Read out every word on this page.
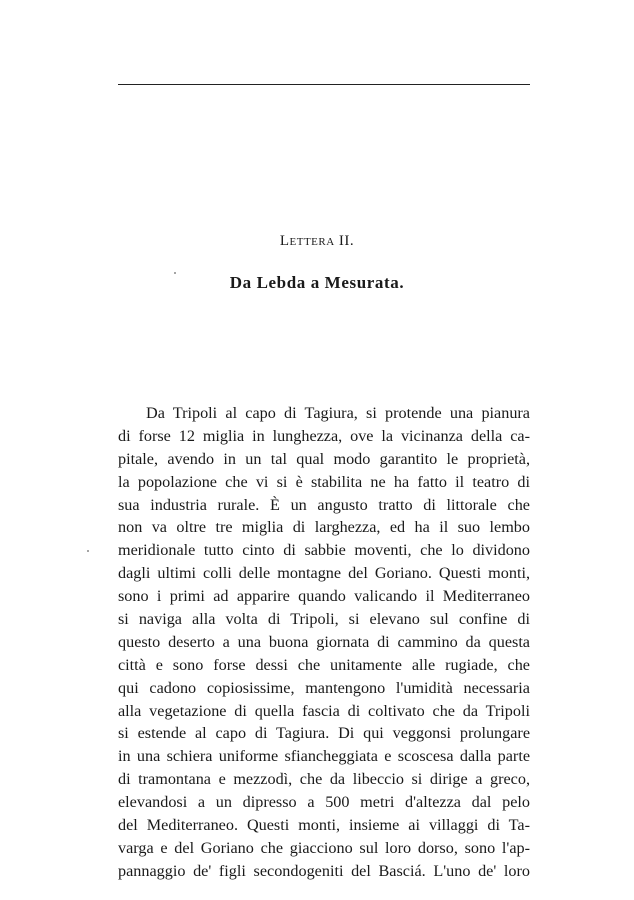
Lettera II.
Da Lebda a Mesurata.
Da Tripoli al capo di Tagiura, si protende una pianura
di forse 12 miglia in lunghezza, ove la vicinanza della ca-
pitale, avendo in un tal qual modo garantito le proprietà,
la popolazione che vi si è stabilita ne ha fatto il teatro di
sua industria rurale. È un angusto tratto di littorale che
non va oltre tre miglia di larghezza, ed ha il suo lembo
meridionale tutto cinto di sabbie moventi, che lo dividono
dagli ultimi colli delle montagne del Goriano. Questi monti,
sono i primi ad apparire quando valicando il Mediterraneo
si naviga alla volta di Tripoli, si elevano sul confine di
questo deserto a una buona giornata di cammino da questa
città e sono forse dessi che unitamente alle rugiade, che
qui cadono copiosissime, mantengono l'umidità necessaria
alla vegetazione di quella fascia di coltivato che da Tripoli
si estende al capo di Tagiura. Di qui veggonsi prolungare
in una schiera uniforme sfiancheggiata e scoscesa dalla parte
di tramontana e mezzodì, che da libeccio si dirige a greco,
elevandosi a un dipresso a 500 metri d'altezza dal pelo
del Mediterraneo. Questi monti, insieme ai villaggi di Ta-
varga e del Goriano che giacciono sul loro dorso, sono l'ap-
pannaggio de' figli secondogeniti del Basciá. L'uno de' loro
